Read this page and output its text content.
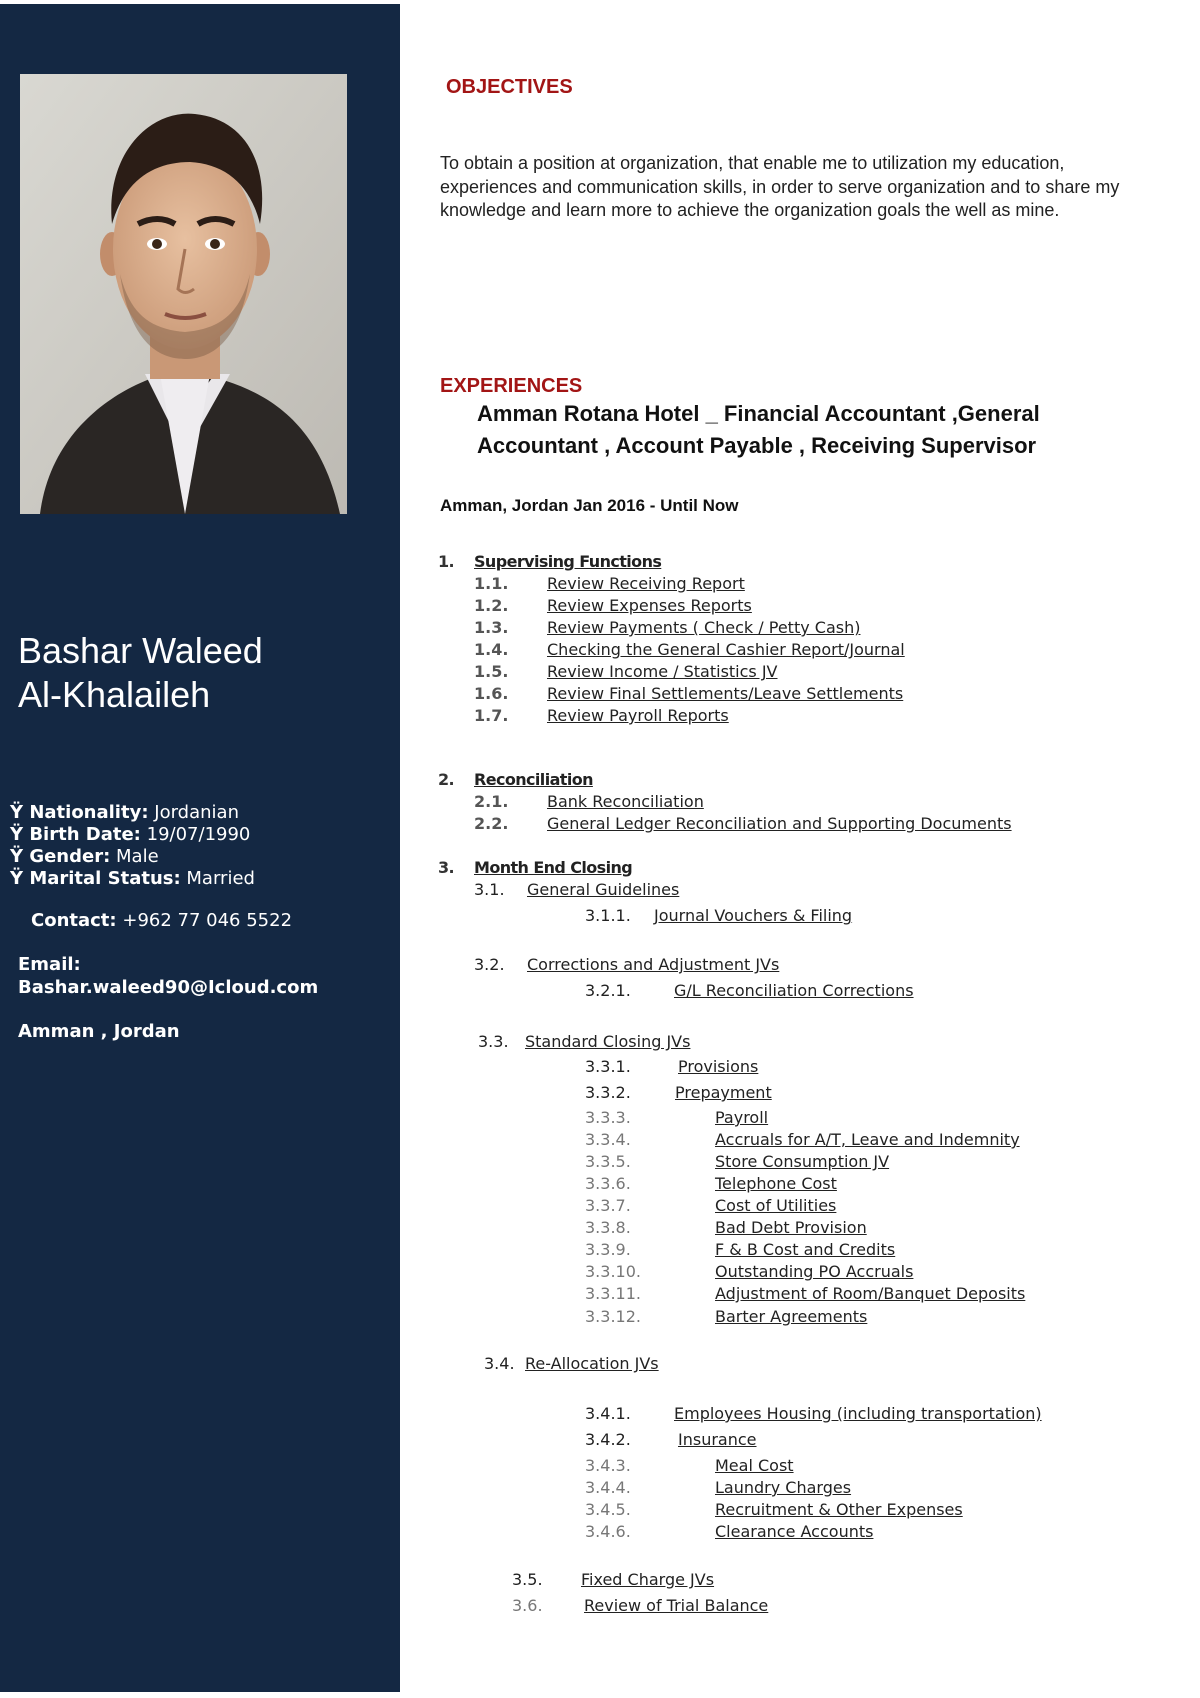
Bashar Waleed
Al-Khalaileh
Ÿ Nationality: Jordanian
Ÿ Birth Date: 19/07/1990
Ÿ Gender: Male
Ÿ Marital Status: Married
Contact: +962 77 046 5522
Email:
Bashar.waleed90@Icloud.com
Amman , Jordan
OBJECTIVES
To obtain a position at organization, that enable me to utilization my education, experiences and communication skills, in order to serve organization and to share my knowledge and learn more to achieve the organization goals the well as mine.
EXPERIENCES
Amman Rotana Hotel _ Financial Accountant ,General Accountant , Account Payable , Receiving Supervisor
Amman, Jordan Jan 2016 - Until Now
1. Supervising Functions
1.1. Review Receiving Report
1.2. Review Expenses Reports
1.3. Review Payments ( Check / Petty Cash)
1.4. Checking the General Cashier Report/Journal
1.5. Review Income / Statistics JV
1.6. Review Final Settlements/Leave Settlements
1.7. Review Payroll Reports
2. Reconciliation
2.1. Bank Reconciliation
2.2. General Ledger Reconciliation and Supporting Documents
3. Month End Closing
3.1. General Guidelines
3.1.1. Journal Vouchers & Filing
3.2. Corrections and Adjustment JVs
3.2.1.	G/L Reconciliation Corrections
3.3. Standard Closing JVs
3.3.1.	Provisions
3.3.2.	Prepayment
3.3.3.	Payroll
3.3.4.	Accruals for A/T, Leave and Indemnity
3.3.5.	Store Consumption JV
3.3.6.	Telephone Cost
3.3.7.	Cost of Utilities
3.3.8.	Bad Debt Provision
3.3.9.	F & B Cost and Credits
3.3.10.	Outstanding PO Accruals
3.3.11.	Adjustment of Room/Banquet Deposits
3.3.12.	Barter Agreements
3.4. Re-Allocation JVs
3.4.1.	Employees Housing (including transportation)
3.4.2.	Insurance
3.4.3.	Meal Cost
3.4.4.	Laundry Charges
3.4.5.	Recruitment & Other Expenses
3.4.6.	Clearance Accounts
3.5. Fixed Charge JVs
3.6.	Review of Trial Balance
